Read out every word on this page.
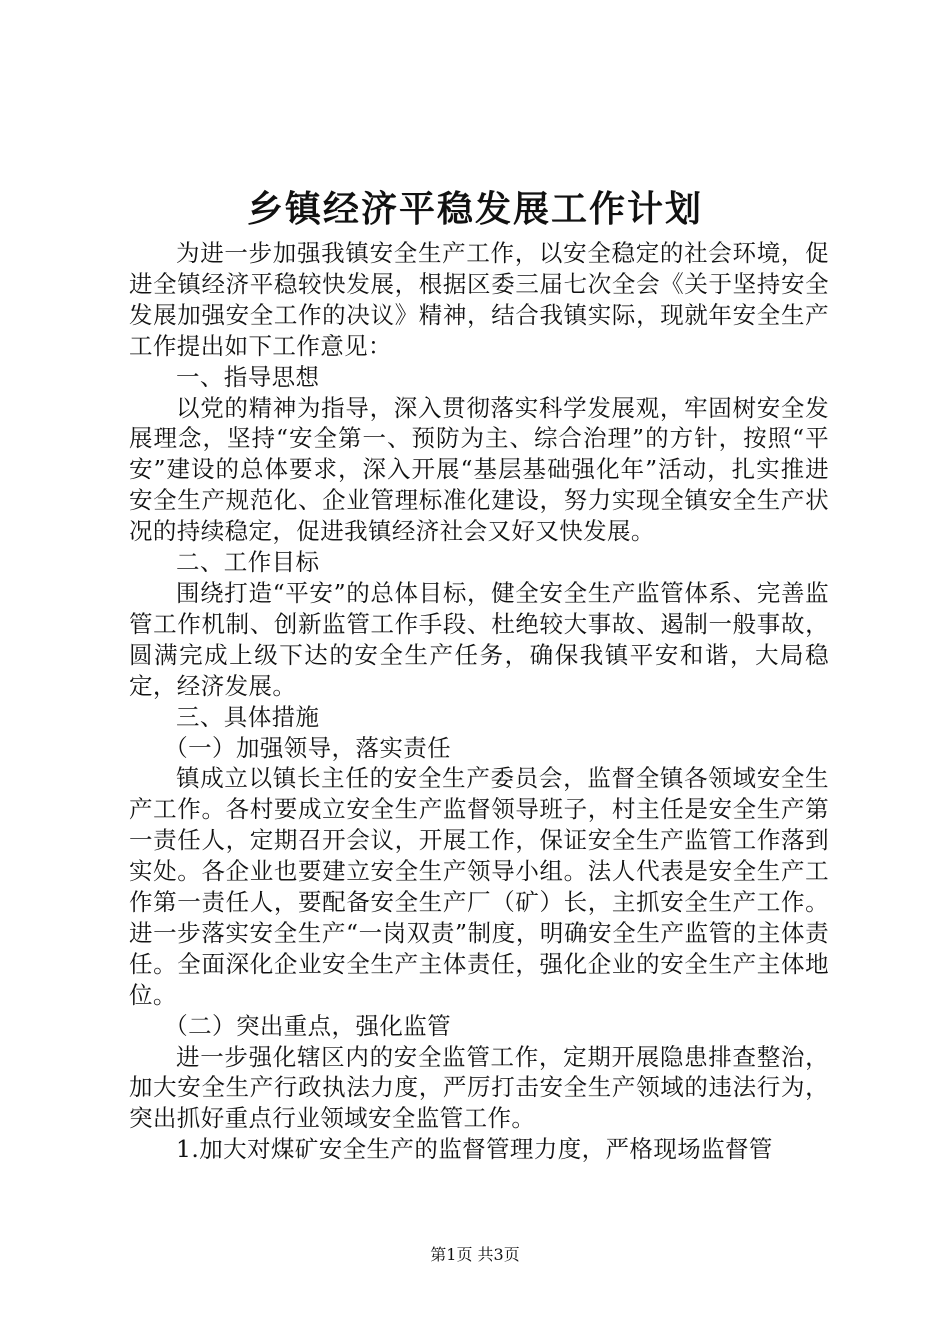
乡镇经济平稳发展工作计划

为进一步加强我镇安全生产工作，以安全稳定的社会环境，促进全镇经济平稳较快发展，根据区委三届七次全会《关于坚持安全发展加强安全工作的决议》精神，结合我镇实际，现就年安全生产工作提出如下工作意见：

一、指导思想

以党的精神为指导，深入贯彻落实科学发展观，牢固树安全发展理念，坚持“安全第一、预防为主、综合治理”的方针，按照“平安”建设的总体要求，深入开展“基层基础强化年”活动，扎实推进安全生产规范化、企业管理标准化建设，努力实现全镇安全生产状况的持续稳定，促进我镇经济社会又好又快发展。

二、工作目标

围绕打造“平安”的总体目标，健全安全生产监管体系、完善监管工作机制、创新监管工作手段、杜绝较大事故、遏制一般事故，圆满完成上级下达的安全生产任务，确保我镇平安和谐，大局稳定，经济发展。

三、具体措施

（一）加强领导，落实责任

镇成立以镇长主任的安全生产委员会，监督全镇各领域安全生产工作。各村要成立安全生产监督领导班子，村主任是安全生产第一责任人，定期召开会议，开展工作，保证安全生产监管工作落到实处。各企业也要建立安全生产领导小组。法人代表是安全生产工作第一责任人，要配备安全生产厂（矿）长，主抓安全生产工作。进一步落实安全生产“一岗双责”制度，明确安全生产监管的主体责任。全面深化企业安全生产主体责任，强化企业的安全生产主体地位。

（二）突出重点，强化监管

进一步强化辖区内的安全监管工作，定期开展隐患排查整治，加大安全生产行政执法力度，严厉打击安全生产领域的违法行为，突出抓好重点行业领域安全监管工作。

1.加大对煤矿安全生产的监督管理力度，严格现场监督管

第1页 共3页
